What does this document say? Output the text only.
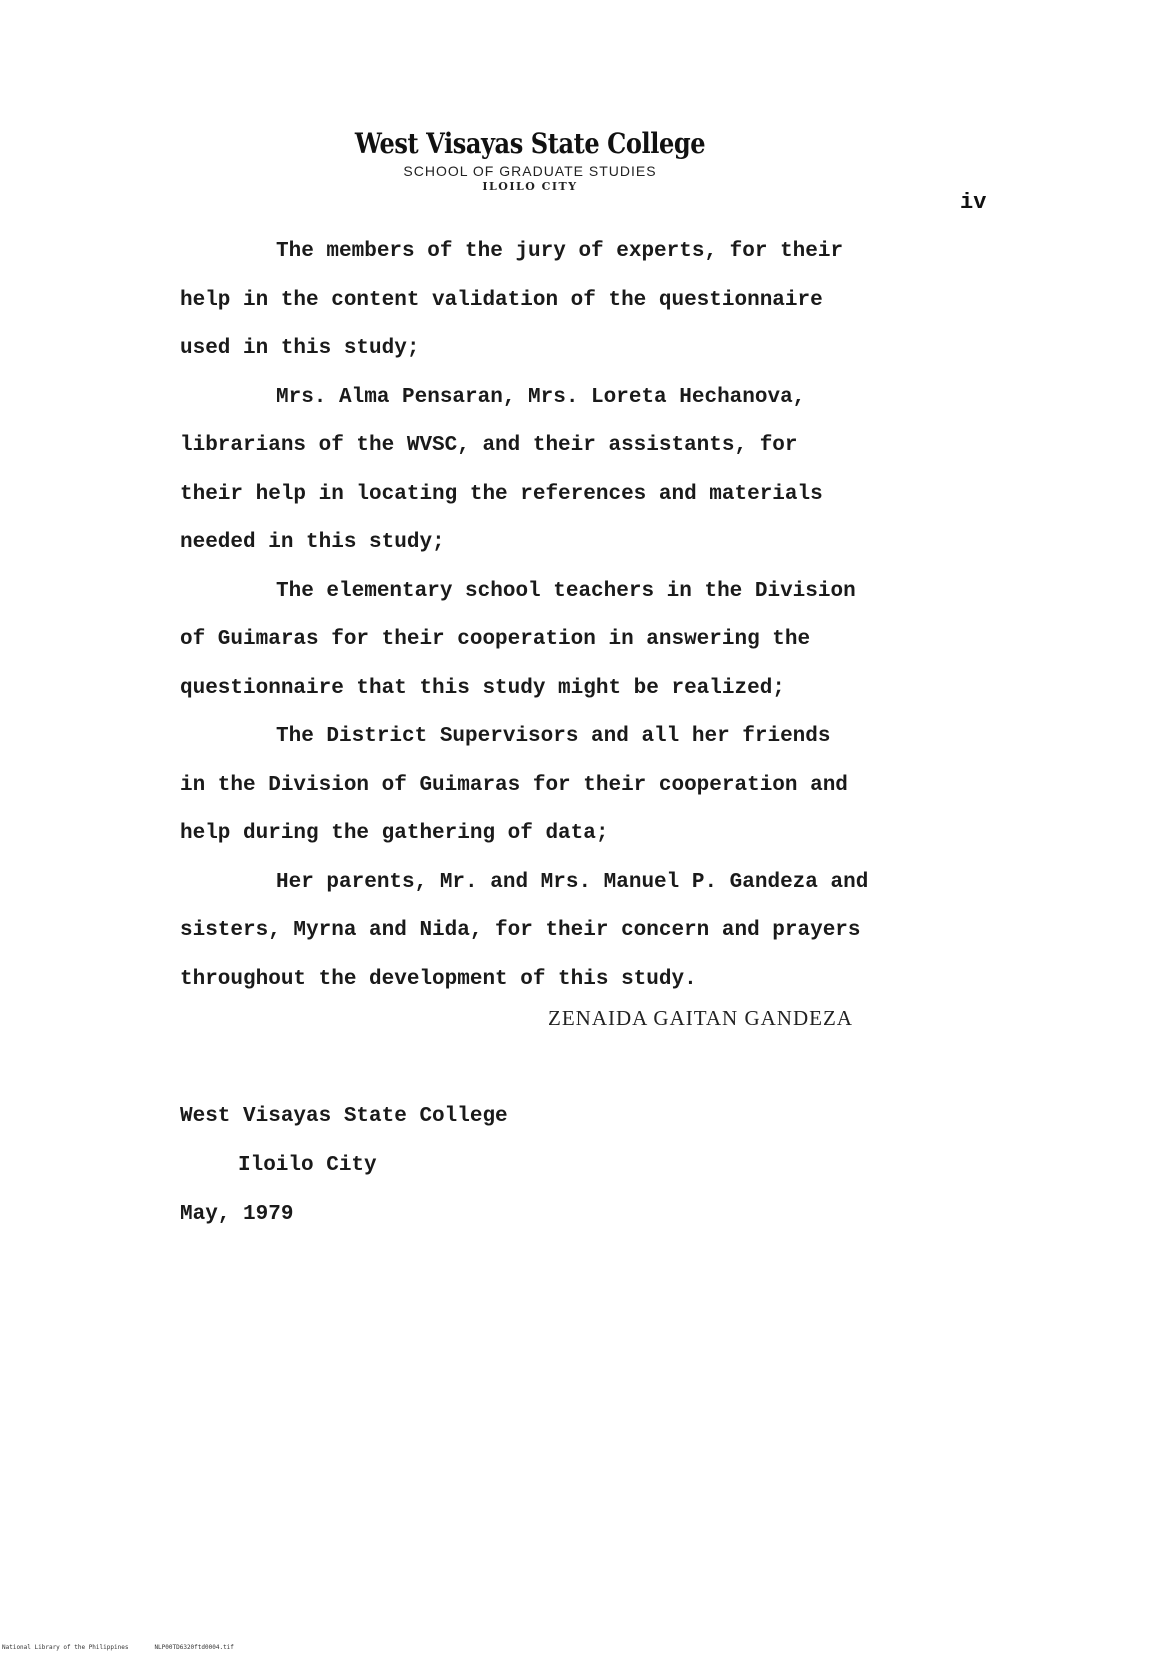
West Visayas State College
SCHOOL OF GRADUATE STUDIES
ILOILO CITY
iv
The members of the jury of experts, for their
help in the content validation of the questionnaire
used in this study;
Mrs. Alma Pensaran, Mrs. Loreta Hechanova,
librarians of the WVSC, and their assistants, for
their help in locating the references and materials
needed in this study;
The elementary school teachers in the Division
of Guimaras for their cooperation in answering the
questionnaire that this study might be realized;
The District Supervisors and all her friends
in the Division of Guimaras for their cooperation and
help during the gathering of data;
Her parents, Mr. and Mrs. Manuel P. Gandeza and
sisters, Myrna and Nida, for their concern and prayers
throughout the development of this study.
ZENAIDA GAITAN GANDEZA
West Visayas State College
Iloilo City
May, 1979
National Library of the Philippines	NLP00TD6320ftd0004.tif
